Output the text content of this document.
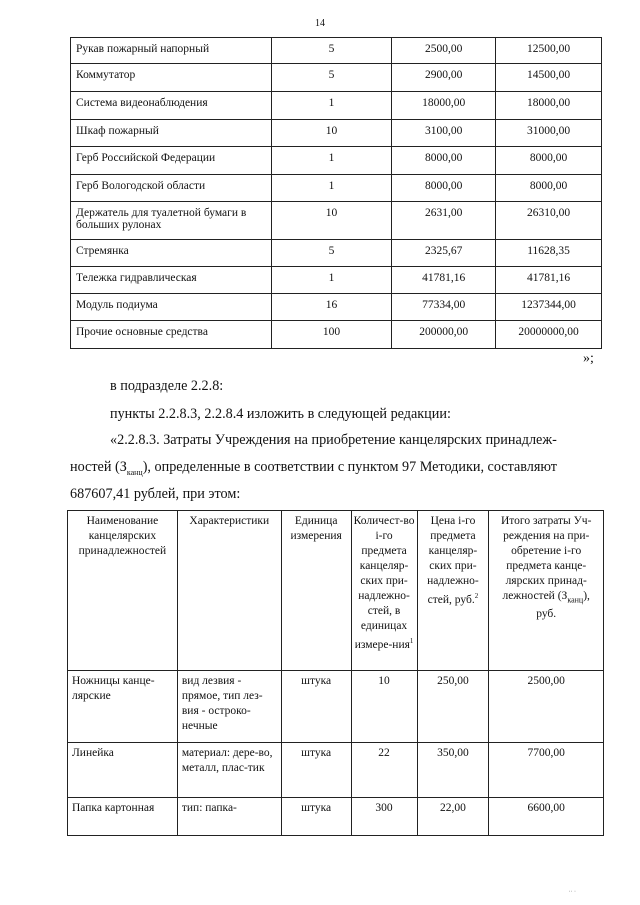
14
Рукав пожарный напорный	5	2500,00	12500,00
Коммутатор	5	2900,00	14500,00
Система видеонаблюдения	1	18000,00	18000,00
Шкаф пожарный	10	3100,00	31000,00
Герб Российской Федерации	1	8000,00	8000,00
Герб Вологодской области	1	8000,00	8000,00
Держатель для туалетной бумаги в больших рулонах	10	2631,00	26310,00
Стремянка	5	2325,67	11628,35
Тележка гидравлическая	1	41781,16	41781,16
Модуль подиума	16	77334,00	1237344,00
Прочие основные средства	100	200000,00	20000000,00
»;
в подразделе 2.2.8:
пункты 2.2.8.3, 2.2.8.4 изложить в следующей редакции:
«2.2.8.3. Затраты Учреждения на приобретение канцелярских принадлеж-
ностей $(З_{канц})$, определенные в соответствии с пунктом 97 Методики, составляют
687607,41 рублей, при этом:
Наименование канцелярских принадлежностей	Характеристики	Единица измерения	Количест-во i-го предмета канцеляр-ских при-надлежно-стей, в единицах измере-ния$^1$	Цена i-го предмета канцеляр-ских при-надлежно-стей, руб.$^2$	Итого затраты Уч-реждения на при-обретение i-го предмета канце-лярских принад-лежностей $(З_{канц})$, руб.
Ножницы канце-лярские	вид лезвия - прямое, тип лез-вия - остроко-нечные	штука	10	250,00	2500,00
Линейка	материал: дере-во, металл, плас-тик	штука	22	350,00	7700,00
Папка картонная	тип: папка-	штука	300	22,00	6600,00
·· ·
